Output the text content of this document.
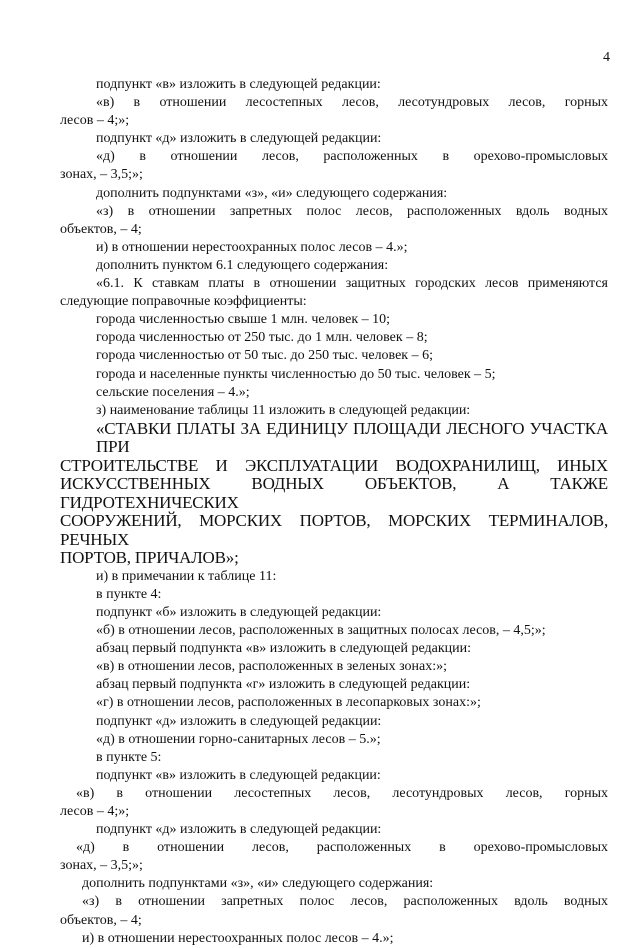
4
подпункт «в» изложить в следующей редакции:
«в) в отношении лесостепных лесов, лесотундровых лесов, горных
лесов – 4;»;
подпункт «д» изложить в следующей редакции:
«д) в отношении лесов, расположенных в орехово-промысловых
зонах, – 3,5;»;
дополнить подпунктами «з», «и» следующего содержания:
«з) в отношении запретных полос лесов, расположенных вдоль водных
объектов, – 4;
и) в отношении нерестоохранных полос лесов – 4.»;
дополнить пунктом 6.1 следующего содержания:
«6.1. К ставкам платы в отношении защитных городских лесов применяются
следующие поправочные коэффициенты:
города численностью свыше 1 млн. человек – 10;
города численностью от 250 тыс. до 1 млн. человек – 8;
города численностью от 50 тыс. до 250 тыс. человек – 6;
города и населенные пункты численностью до 50 тыс. человек – 5;
сельские поселения – 4.»;
з) наименование таблицы 11 изложить в следующей редакции:
«СТАВКИ ПЛАТЫ ЗА ЕДИНИЦУ ПЛОЩАДИ ЛЕСНОГО УЧАСТКА ПРИ
СТРОИТЕЛЬСТВЕ И ЭКСПЛУАТАЦИИ ВОДОХРАНИЛИЩ, ИНЫХ
ИСКУССТВЕННЫХ ВОДНЫХ ОБЪЕКТОВ, А ТАКЖЕ ГИДРОТЕХНИЧЕСКИХ
СООРУЖЕНИЙ, МОРСКИХ ПОРТОВ, МОРСКИХ ТЕРМИНАЛОВ, РЕЧНЫХ
ПОРТОВ, ПРИЧАЛОВ»;
и) в примечании к таблице 11:
в пункте 4:
подпункт «б» изложить в следующей редакции:
«б) в отношении лесов, расположенных в защитных полосах лесов, – 4,5;»;
абзац первый подпункта «в» изложить в следующей редакции:
«в) в отношении лесов, расположенных в зеленых зонах:»;
абзац первый подпункта «г» изложить в следующей редакции:
«г) в отношении лесов, расположенных в лесопарковых зонах:»;
подпункт «д» изложить в следующей редакции:
«д) в отношении горно-санитарных лесов – 5.»;
в пункте 5:
подпункт «в» изложить в следующей редакции:
«в) в отношении лесостепных лесов, лесотундровых лесов, горных
лесов – 4;»;
подпункт «д» изложить в следующей редакции:
«д) в отношении лесов, расположенных в орехово-промысловых
зонах, – 3,5;»;
дополнить подпунктами «з», «и» следующего содержания:
«з) в отношении запретных полос лесов, расположенных вдоль водных
объектов, – 4;
и) в отношении нерестоохранных полос лесов – 4.»;
